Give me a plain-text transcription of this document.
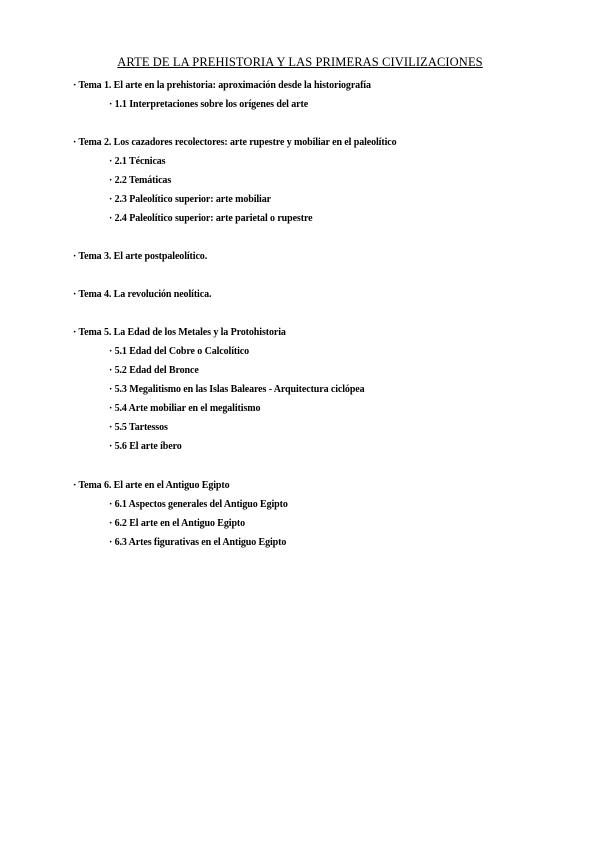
ARTE DE LA PREHISTORIA Y LAS PRIMERAS CIVILIZACIONES
· Tema 1. El arte en la prehistoria: aproximación desde la historiografía
· 1.1 Interpretaciones sobre los orígenes del arte
· Tema 2. Los cazadores recolectores: arte rupestre y mobiliar en el paleolítico
· 2.1 Técnicas
· 2.2 Temáticas
· 2.3 Paleolítico superior: arte mobiliar
· 2.4 Paleolítico superior: arte parietal o rupestre
· Tema 3. El arte postpaleolítico.
· Tema 4. La revolución neolítica.
· Tema 5. La Edad de los Metales y la Protohistoria
· 5.1 Edad del Cobre o Calcolítico
· 5.2 Edad del Bronce
· 5.3 Megalitismo en las Islas Baleares - Arquitectura ciclópea
· 5.4 Arte mobiliar en el megalitismo
· 5.5 Tartessos
· 5.6 El arte íbero
· Tema 6. El arte en el Antiguo Egipto
· 6.1 Aspectos generales del Antiguo Egipto
· 6.2 El arte en el Antiguo Egipto
· 6.3 Artes figurativas en el Antiguo Egipto
